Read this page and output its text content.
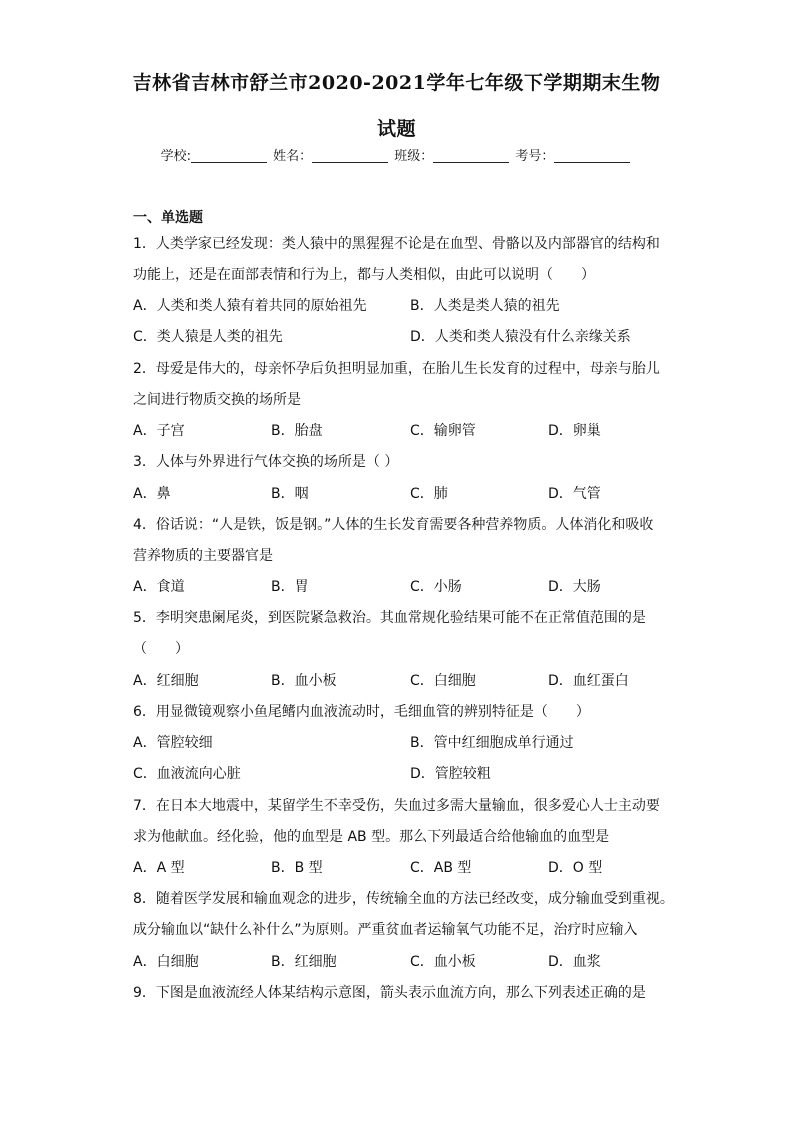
吉林省吉林市舒兰市2020-2021学年七年级下学期期末生物
试题
学校:	姓名：	班级：	考号：
一、单选题
1．人类学家已经发现：类人猿中的黑猩猩不论是在血型、骨骼以及内部器官的结构和
功能上，还是在面部表情和行为上，都与人类相似，由此可以说明（　　）
A．人类和类人猿有着共同的原始祖先	B．人类是类人猿的祖先
C．类人猿是人类的祖先	D．人类和类人猿没有什么亲缘关系
2．母爱是伟大的，母亲怀孕后负担明显加重，在胎儿生长发育的过程中，母亲与胎儿
之间进行物质交换的场所是
A．子宫	B．胎盘	C．输卵管	D．卵巢
3．人体与外界进行气体交换的场所是（ ）
A．鼻	B．咽	C．肺	D．气管
4．俗话说：“人是铁，饭是钢。”人体的生长发育需要各种营养物质。人体消化和吸收
营养物质的主要器官是
A．食道	B．胃	C．小肠	D．大肠
5．李明突患阑尾炎，到医院紧急救治。其血常规化验结果可能不在正常值范围的是
（　　）
A．红细胞	B．血小板	C．白细胞	D．血红蛋白
6．用显微镜观察小鱼尾鳍内血液流动时，毛细血管的辨别特征是（　　）
A．管腔较细	B．管中红细胞成单行通过
C．血液流向心脏	D．管腔较粗
7．在日本大地震中，某留学生不幸受伤，失血过多需大量输血，很多爱心人士主动要
求为他献血。经化验，他的血型是 AB 型。那么下列最适合给他输血的血型是
A．A 型	B．B 型	C．AB 型	D．O 型
8．随着医学发展和输血观念的进步，传统输全血的方法已经改变，成分输血受到重视。
成分输血以“缺什么补什么”为原则。严重贫血者运输氧气功能不足，治疗时应输入
A．白细胞	B．红细胞	C．血小板	D．血浆
9．下图是血液流经人体某结构示意图，箭头表示血流方向，那么下列表述正确的是
